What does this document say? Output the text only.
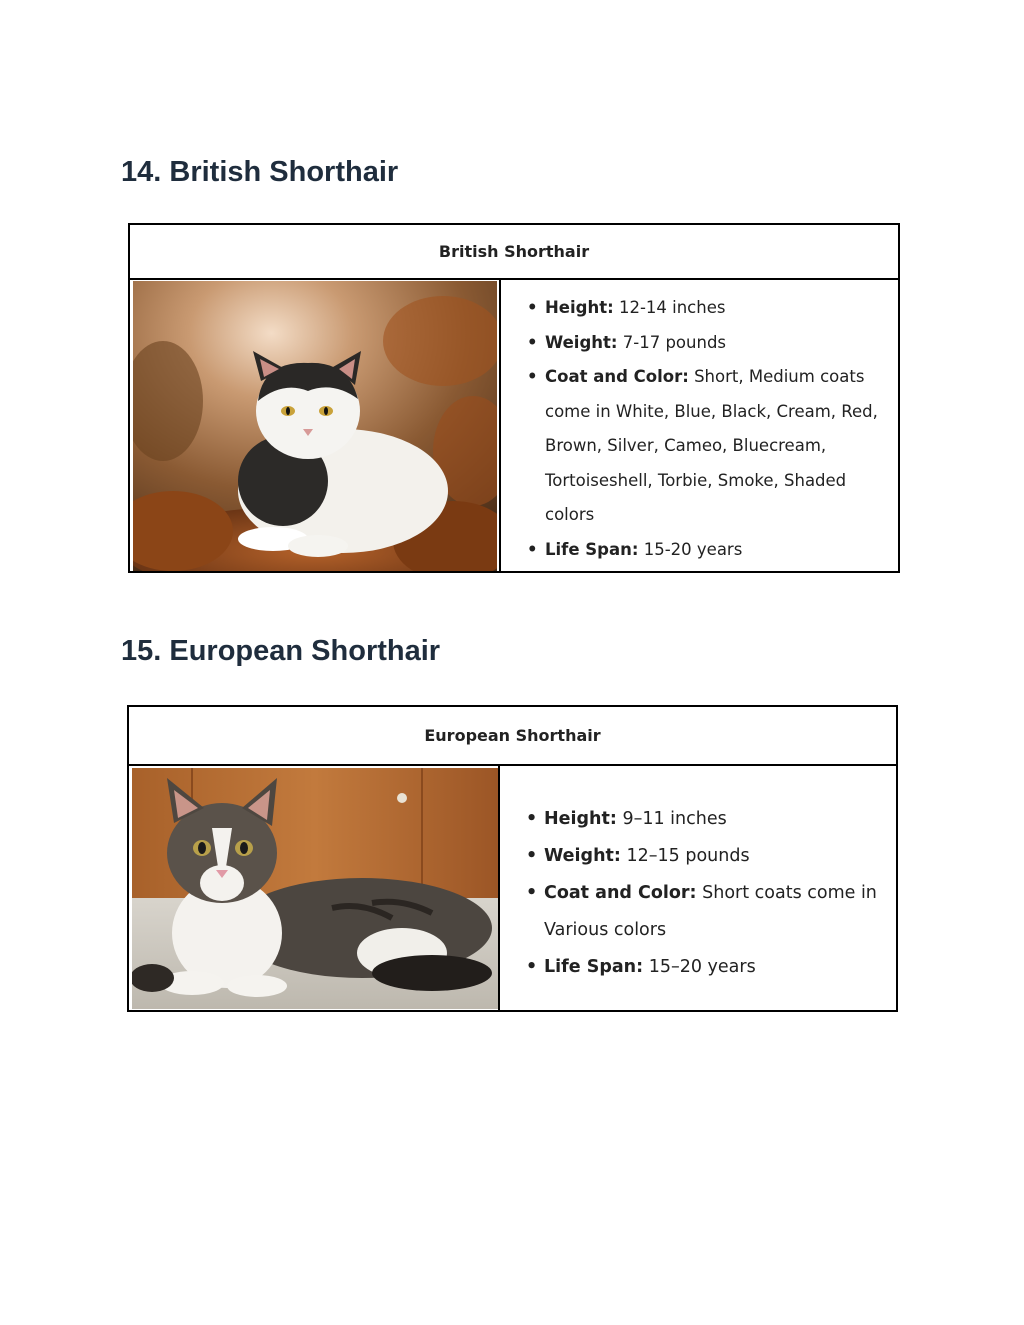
14. British Shorthair
British Shorthair
• Height: 12-14 inches
• Weight: 7-17 pounds
• Coat and Color: Short, Medium coats come in White, Blue, Black, Cream, Red, Brown, Silver, Cameo, Bluecream, Tortoiseshell, Torbie, Smoke, Shaded colors
• Life Span: 15-20 years
15. European Shorthair
European Shorthair
• Height: 9–11 inches
• Weight: 12–15 pounds
• Coat and Color: Short coats come in Various colors
• Life Span: 15–20 years
